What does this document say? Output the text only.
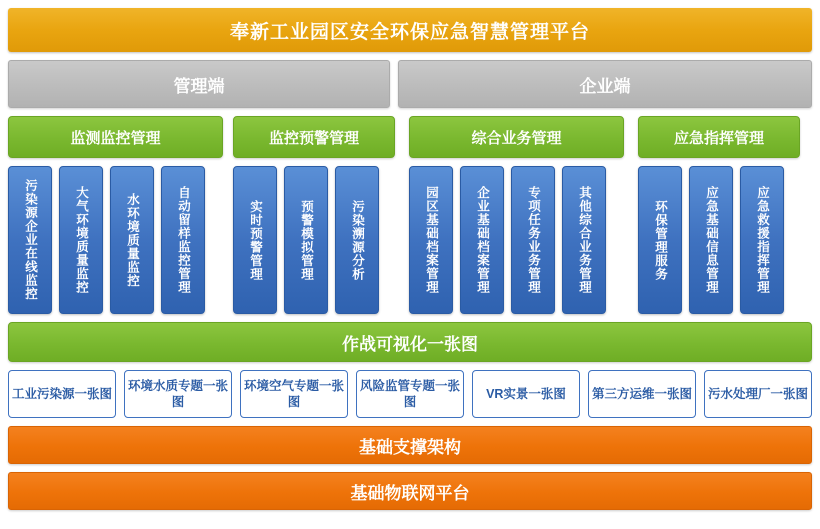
奉新工业园区安全环保应急智慧管理平台
管理端	企业端
监测监控管理
污染源企业在线监控	大气环境质量监控	水环境质量监控	自动留样监控管理
监控预警管理
实时预警管理	预警模拟管理	污染溯源分析
综合业务管理
园区基础档案管理	企业基础档案管理	专项任务业务管理	其他综合业务管理
应急指挥管理
环保管理服务	应急基础信息管理	应急救援指挥管理
作战可视化一张图
工业污染源一张图
环境水质专题一张图
环境空气专题一张图
风险监管专题一张图
VR实景一张图	第三方运维一张图	污水处理厂一张图
基础支撑架构
基础物联网平台
